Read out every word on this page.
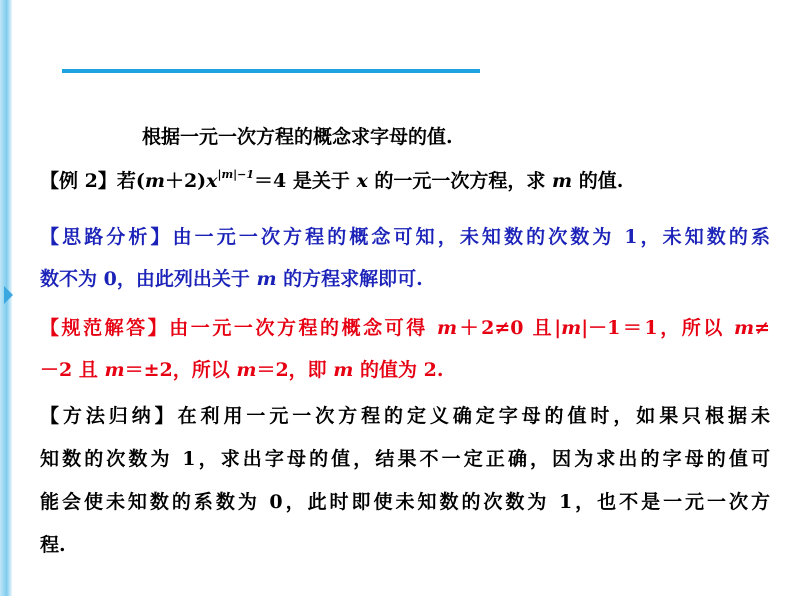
根据一元一次方程的概念求字母的值.
【例 2】若$(m+2)x^{|m|-1}=4$ 是关于 x 的一元一次方程，求 m 的值.
【思路分析】由一元一次方程的概念可知，未知数的次数为 1，未知数的系
数不为 0，由此列出关于 m 的方程求解即可.
【规范解答】由一元一次方程的概念可得 m＋2≠0 且|m|－1＝1，所以 m≠
－2 且 m＝±2，所以 m＝2，即 m 的值为 2.
【方法归纳】在利用一元一次方程的定义确定字母的值时，如果只根据未
知数的次数为 1，求出字母的值，结果不一定正确，因为求出的字母的值可
能会使未知数的系数为 0，此时即使未知数的次数为 1，也不是一元一次方
程.
